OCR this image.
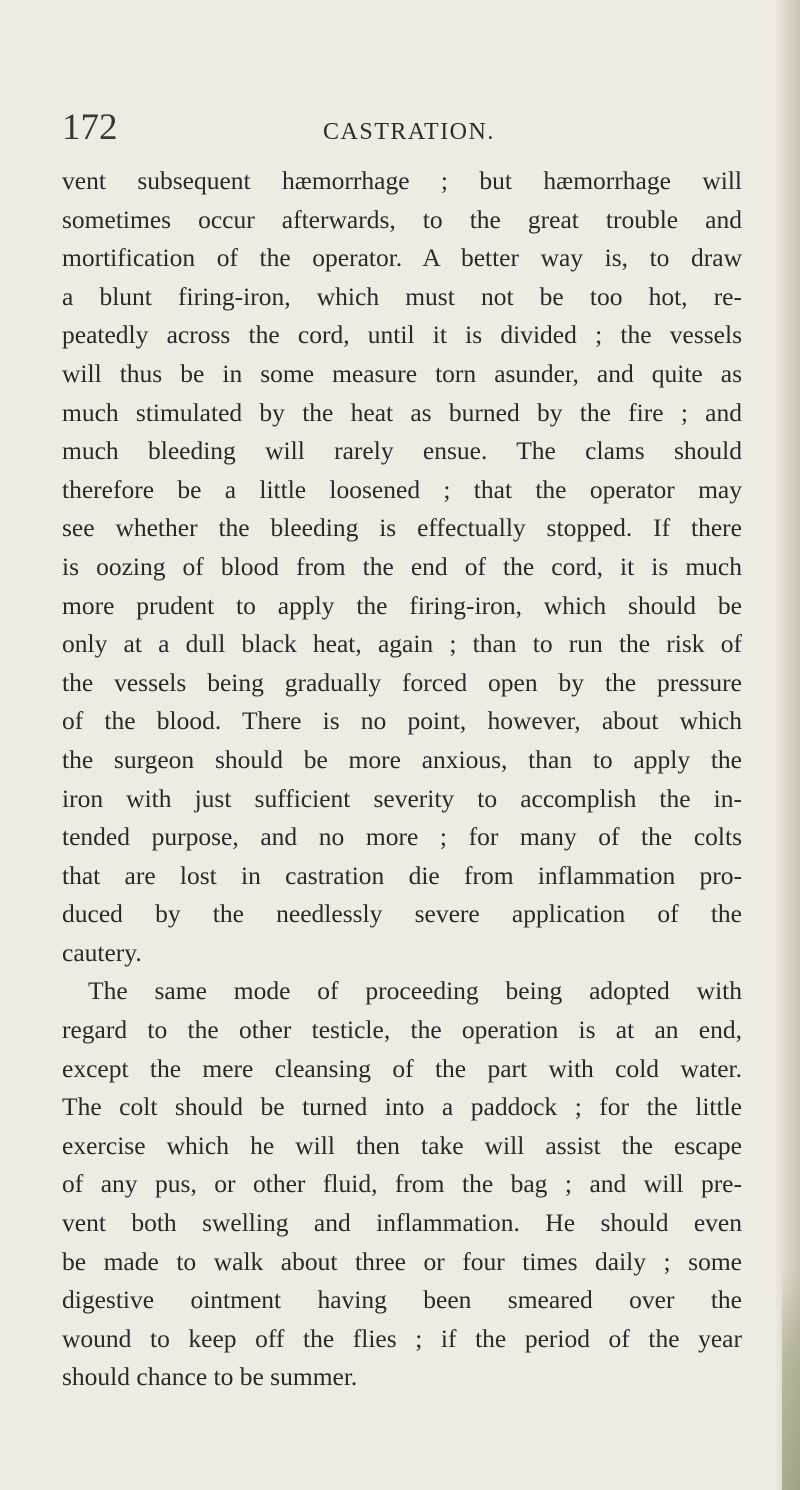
172	CASTRATION.
vent subsequent hæmorrhage ; but hæmorrhage will
sometimes occur afterwards, to the great trouble and
mortification of the operator. A better way is, to draw
a blunt firing-iron, which must not be too hot, re-
peatedly across the cord, until it is divided ; the vessels
will thus be in some measure torn asunder, and quite as
much stimulated by the heat as burned by the fire ; and
much bleeding will rarely ensue. The clams should
therefore be a little loosened ; that the operator may
see whether the bleeding is effectually stopped. If there
is oozing of blood from the end of the cord, it is much
more prudent to apply the firing-iron, which should be
only at a dull black heat, again ; than to run the risk of
the vessels being gradually forced open by the pressure
of the blood. There is no point, however, about which
the surgeon should be more anxious, than to apply the
iron with just sufficient severity to accomplish the in-
tended purpose, and no more ; for many of the colts
that are lost in castration die from inflammation pro-
duced by the needlessly severe application of the
cautery.
The same mode of proceeding being adopted with
regard to the other testicle, the operation is at an end,
except the mere cleansing of the part with cold water.
The colt should be turned into a paddock ; for the little
exercise which he will then take will assist the escape
of any pus, or other fluid, from the bag ; and will pre-
vent both swelling and inflammation. He should even
be made to walk about three or four times daily ; some
digestive ointment having been smeared over the
wound to keep off the flies ; if the period of the year
should chance to be summer.
